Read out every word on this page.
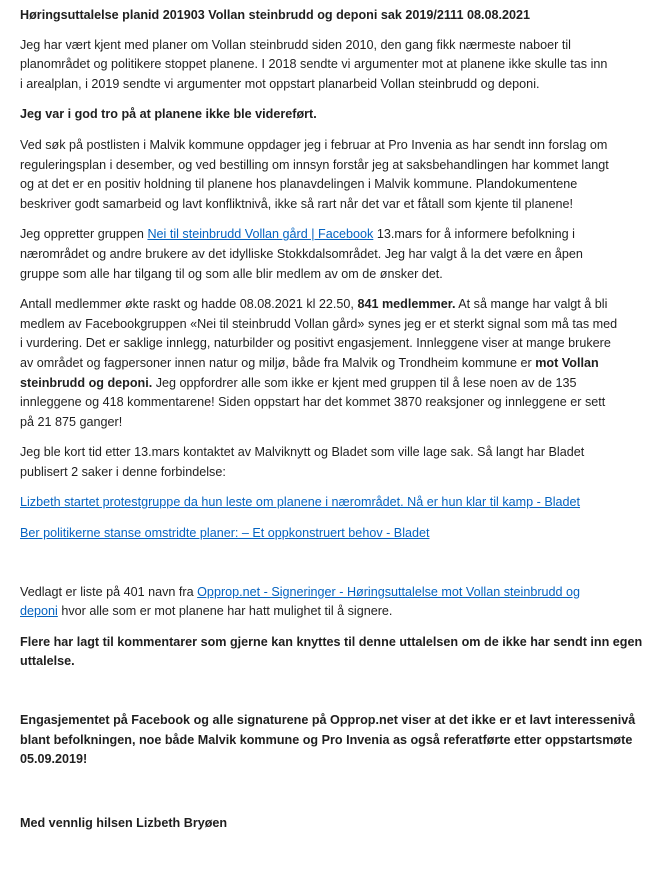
Høringsuttalelse planid 201903 Vollan steinbrudd og deponi sak 2019/2111 08.08.2021
Jeg har vært kjent med planer om Vollan steinbrudd siden 2010, den gang fikk nærmeste naboer til
planområdet og politikere stoppet planene. I 2018 sendte vi argumenter mot at planene ikke skulle tas inn
i arealplan, i 2019 sendte vi argumenter mot oppstart planarbeid Vollan steinbrudd og deponi.
Jeg var i god tro på at planene ikke ble videreført.
Ved søk på postlisten i Malvik kommune oppdager jeg i februar at Pro Invenia as har sendt inn forslag om
reguleringsplan i desember, og ved bestilling om innsyn forstår jeg at saksbehandlingen har kommet langt
og at det er en positiv holdning til planene hos planavdelingen i Malvik kommune. Plandokumentene
beskriver godt samarbeid og lavt konfliktnivå, ikke så rart når det var et fåtall som kjente til planene!
Jeg oppretter gruppen Nei til steinbrudd Vollan gård | Facebook 13.mars for å informere befolkning i
nærområdet og andre brukere av det idylliske Stokkdalsområdet. Jeg har valgt å la det være en åpen
gruppe som alle har tilgang til og som alle blir medlem av om de ønsker det.
Antall medlemmer økte raskt og hadde 08.08.2021 kl 22.50, 841 medlemmer. At så mange har valgt å bli
medlem av Facebookgruppen «Nei til steinbrudd Vollan gård» synes jeg er et sterkt signal som må tas med
i vurdering. Det er saklige innlegg, naturbilder og positivt engasjement. Innleggene viser at mange brukere
av området og fagpersoner innen natur og miljø, både fra Malvik og Trondheim kommune er mot Vollan
steinbrudd og deponi. Jeg oppfordrer alle som ikke er kjent med gruppen til å lese noen av de 135
innleggene og 418 kommentarene! Siden oppstart har det kommet 3870 reaksjoner og innleggene er sett
på 21 875 ganger!
Jeg ble kort tid etter 13.mars kontaktet av Malviknytt og Bladet som ville lage sak. Så langt har Bladet
publisert 2 saker i denne forbindelse:
Lizbeth startet protestgruppe da hun leste om planene i nærområdet. Nå er hun klar til kamp - Bladet
Ber politikerne stanse omstridte planer: – Et oppkonstruert behov - Bladet
Vedlagt er liste på 401 navn fra Opprop.net - Signeringer - Høringsuttalelse mot Vollan steinbrudd og
deponi hvor alle som er mot planene har hatt mulighet til å signere.
Flere har lagt til kommentarer som gjerne kan knyttes til denne uttalelsen om de ikke har sendt inn egen
uttalelse.
Engasjementet på Facebook og alle signaturene på Opprop.net viser at det ikke er et lavt interessenivå
blant befolkningen, noe både Malvik kommune og Pro Invenia as også referatførte etter oppstartsmøte
05.09.2019!
Med vennlig hilsen Lizbeth Bryøen
